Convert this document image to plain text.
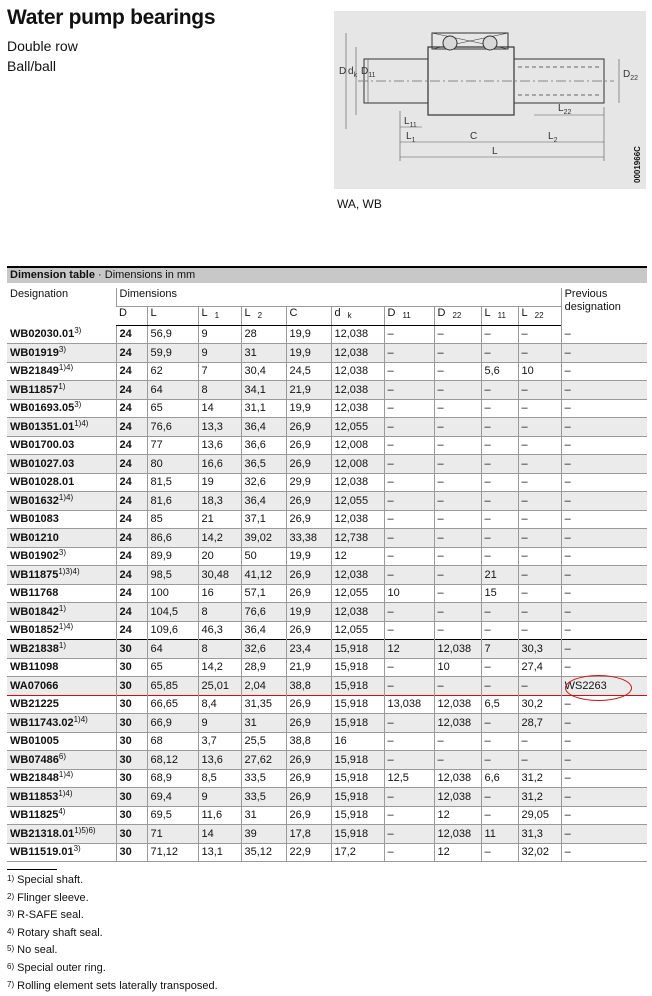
Water pump bearings
Double row
Ball/ball	D $d_k$ $D_{11}$	$D_{22}$
$L_{22}$
$L_{11}$
$L_1$	C	$L_2$
L	0001966C
WA, WB
Dimension table · Dimensions in mm
Designation	Dimensions										Previous designation
	D	L	L 1	L 2	C	d k	D 11	D 22	L 11	L 22	
WB02030.01$^{3)}$	24	56,9	9	28	19,9	12,038	–	–	–	–	–
WB01919$^{3)}$	24	59,9	9	31	19,9	12,038	–	–	–	–	–
$WB21849^{1)4)}$	24	62	7	30,4	24,5	12,038	–	–	5,6	10	–
WB11857$^{1)}$	24	64	8	34,1	21,9	12,038	–	–	–	–	–
WB01693.05$^{3)}$	24	65	14	31,1	19,9	12,038	–	–	–	–	–
$WB01351.01^{1)4)}$	24	76,6	13,3	36,4	26,9	12,055	–	–	–	–	–
WB01700.03	24	77	13,6	36,6	26,9	12,008	–	–	–	–	–
WB01027.03	24	80	16,6	36,5	26,9	12,008	–	–	–	–	–
WB01028.01	24	81,5	19	32,6	29,9	12,038	–	–	–	–	–
$WB01632^{1)4)}$	24	81,6	18,3	36,4	26,9	12,055	–	–	–	–	–
WB01083	24	85	21	37,1	26,9	12,038	–	–	–	–	–
WB01210	24	86,6	14,2	39,02	33,38	12,738	–	–	–	–	–
WB01902$^{3)}$	24	89,9	20	50	19,9	12	–	–	–	–	–
$WB11875^{1)3)4)}$	24	98,5	30,48	41,12	26,9	12,038	–	–	21	–	–
WB11768	24	100	16	57,1	26,9	12,055	10	–	15	–	–
WB01842$^{1)}$	24	104,5	8	76,6	19,9	12,038	–	–	–	–	–
$WB01852^{1)4)}$	24	109,6	46,3	36,4	26,9	12,055	–	–	–	–	–
WB21838$^{1)}$	30	64	8	32,6	23,4	15,918	12	12,038	7	30,3	–
WB11098	30	65	14,2	28,9	21,9	15,918	–	10	–	27,4	–
WA07066	30	65,85	25,01	2,04	38,8	15,918	–	–	–	–	WS2263
WB21225	30	66,65	8,4	31,35	26,9	15,918	13,038	12,038	6,5	30,2	–
$WB11743.02^{1)4)}$	30	66,9	9	31	26,9	15,918	–	12,038	–	28,7	–
WB01005	30	68	3,7	25,5	38,8	16	–	–	–	–	–
WB07486$^{6)}$	30	68,12	13,6	27,62	26,9	15,918	–	–	–	–	–
$WB21848^{1)4)}$	30	68,9	8,5	33,5	26,9	15,918	12,5	12,038	6,6	31,2	–
$WB11853^{1)4)}$	30	69,4	9	33,5	26,9	15,918	–	12,038	–	31,2	–
WB11825$^{4)}$	30	69,5	11,6	31	26,9	15,918	–	12	–	29,05	–
$WB21318.01^{1)5)6)}$	30	71	14	39	17,8	15,918	–	12,038	11	31,3	–
WB11519.01$^{3)}$	30	71,12	13,1	35,12	22,9	17,2	–	12	–	32,02	–
$^{1)}$ Special shaft.
$^{2)}$ Flinger sleeve.
$^{3)}$ R-SAFE seal.
$^{4)}$ Rotary shaft seal.
$^{5)}$ No seal.
$^{6)}$ Special outer ring.
$^{7)}$ Rolling element sets laterally transposed.
